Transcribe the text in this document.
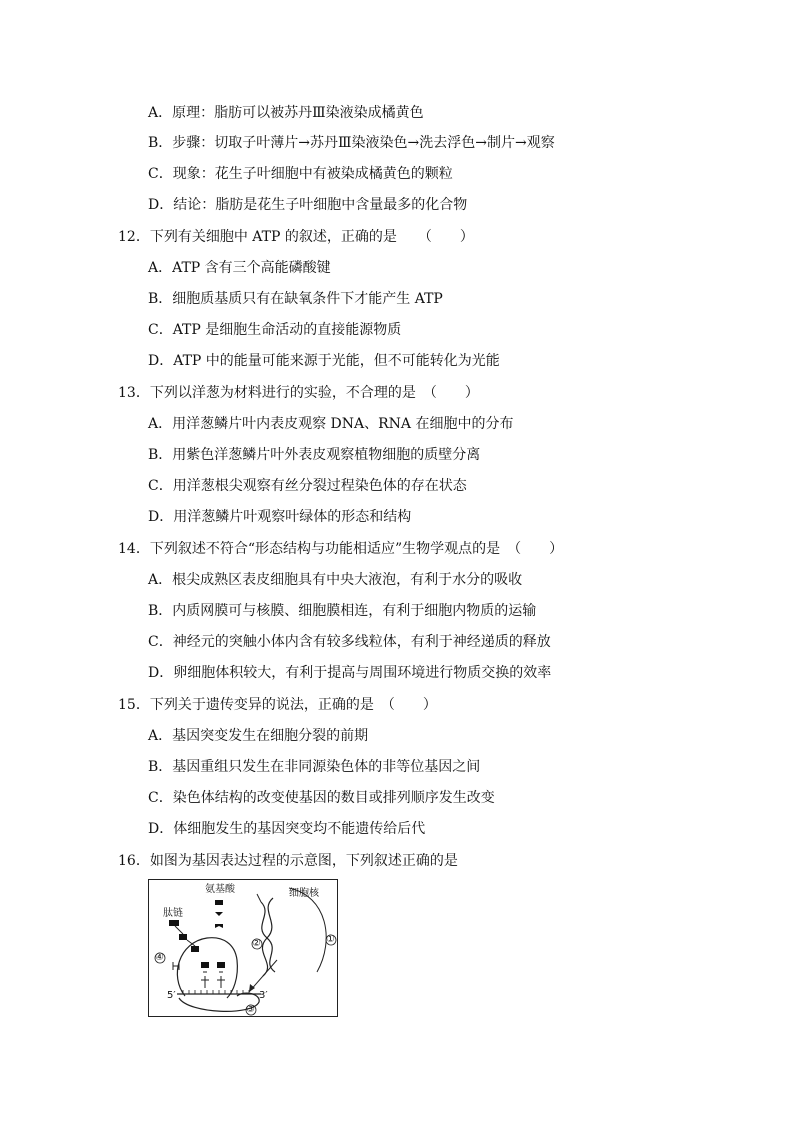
A．原理：脂肪可以被苏丹Ⅲ染液染成橘黄色
B．步骤：切取子叶薄片→苏丹Ⅲ染液染色→洗去浮色→制片→观察
C．现象：花生子叶细胞中有被染成橘黄色的颗粒
D．结论：脂肪是花生子叶细胞中含量最多的化合物
12．下列有关细胞中 ATP 的叙述，正确的是　　（　　）
A．ATP 含有三个高能磷酸键
B．细胞质基质只有在缺氧条件下才能产生 ATP
C．ATP 是细胞生命活动的直接能源物质
D．ATP 中的能量可能来源于光能，但不可能转化为光能
13．下列以洋葱为材料进行的实验，不合理的是　（　　）
A．用洋葱鳞片叶内表皮观察 DNA、RNA 在细胞中的分布
B．用紫色洋葱鳞片叶外表皮观察植物细胞的质壁分离
C．用洋葱根尖观察有丝分裂过程染色体的存在状态
D．用洋葱鳞片叶观察叶绿体的形态和结构
14．下列叙述不符合“形态结构与功能相适应”生物学观点的是　（　　）
A．根尖成熟区表皮细胞具有中央大液泡，有利于水分的吸收
B．内质网膜可与核膜、细胞膜相连，有利于细胞内物质的运输
C．神经元的突触小体内含有较多线粒体，有利于神经递质的释放
D．卵细胞体积较大，有利于提高与周围环境进行物质交换的效率
15．下列关于遗传变异的说法，正确的是　（　　）
A．基因突变发生在细胞分裂的前期
B．基因重组只发生在非同源染色体的非等位基因之间
C．染色体结构的改变使基因的数目或排列顺序发生改变
D．体细胞发生的基因突变均不能遗传给后代
16．如图为基因表达过程的示意图，下列叙述正确的是
氨基酸
肽链
细胞核
①
②
③
④
5′	3′
